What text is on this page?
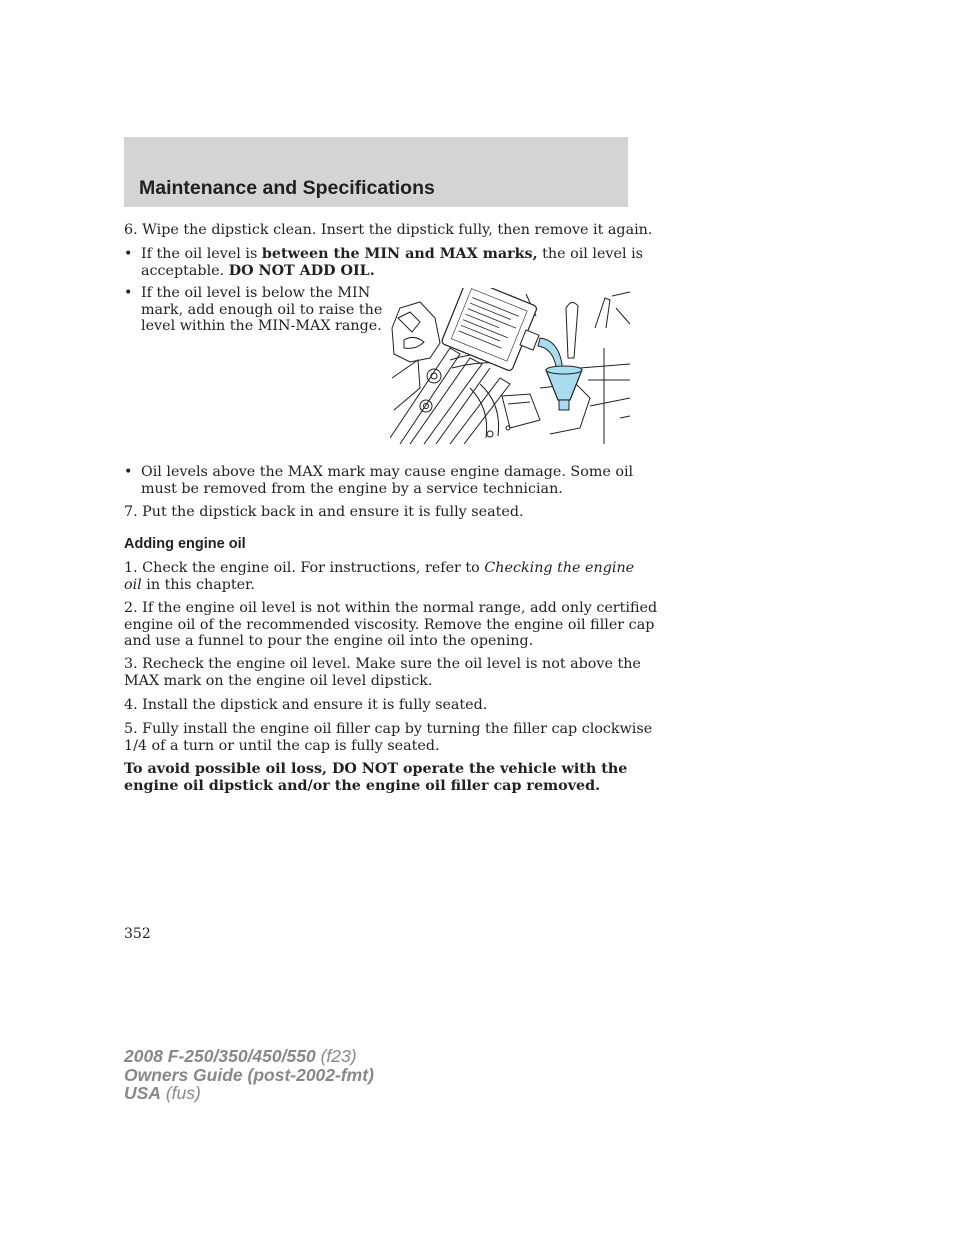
Maintenance and Specifications

6. Wipe the dipstick clean. Insert the dipstick fully, then remove it again.

• If the oil level is between the MIN and MAX marks, the oil level is
acceptable. DO NOT ADD OIL.
• If the oil level is below the MIN
mark, add enough oil to raise the
level within the MIN-MAX range.
• Oil levels above the MAX mark may cause engine damage. Some oil
must be removed from the engine by a service technician.

7. Put the dipstick back in and ensure it is fully seated.

Adding engine oil

1. Check the engine oil. For instructions, refer to Checking the engine
oil in this chapter.

2. If the engine oil level is not within the normal range, add only certified
engine oil of the recommended viscosity. Remove the engine oil filler cap
and use a funnel to pour the engine oil into the opening.

3. Recheck the engine oil level. Make sure the oil level is not above the
MAX mark on the engine oil level dipstick.

4. Install the dipstick and ensure it is fully seated.

5. Fully install the engine oil filler cap by turning the filler cap clockwise
1/4 of a turn or until the cap is fully seated.

To avoid possible oil loss, DO NOT operate the vehicle with the
engine oil dipstick and/or the engine oil filler cap removed.

352
2008 F-250/350/450/550 (f23)
Owners Guide (post-2002-fmt)
USA (fus)
